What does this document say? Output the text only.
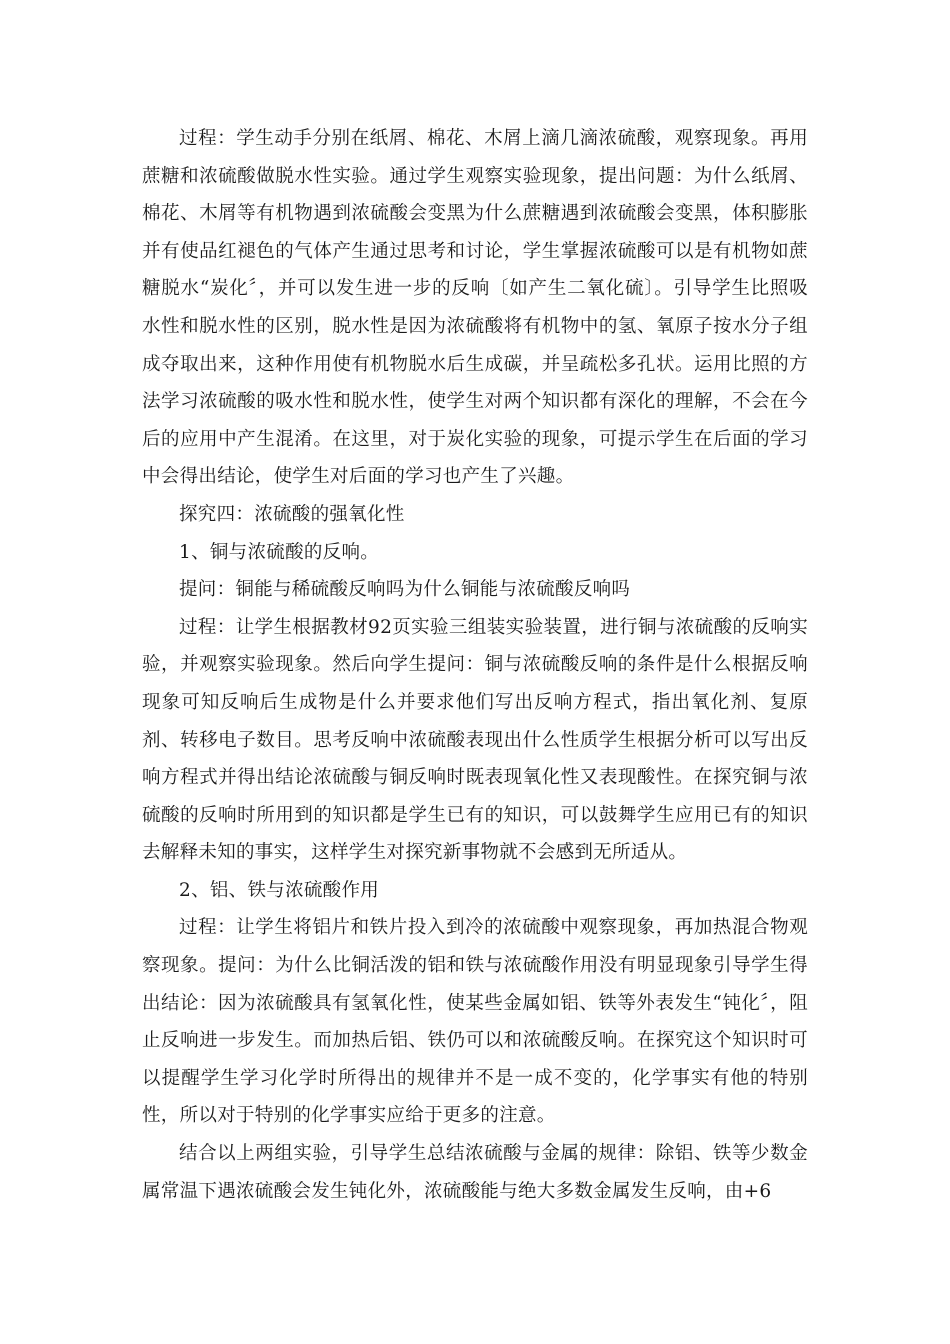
过程：学生动手分别在纸屑、棉花、木屑上滴几滴浓硫酸，观察现象。再用蔗糖和浓硫酸做脱水性实验。通过学生观察实验现象，提出问题：为什么纸屑、棉花、木屑等有机物遇到浓硫酸会变黑为什么蔗糖遇到浓硫酸会变黑，体积膨胀并有使品红褪色的气体产生通过思考和讨论，学生掌握浓硫酸可以是有机物如蔗糖脱水“炭化〞，并可以发生进一步的反响〔如产生二氧化硫〕。引导学生比照吸水性和脱水性的区别，脱水性是因为浓硫酸将有机物中的氢、氧原子按水分子组成夺取出来，这种作用使有机物脱水后生成碳，并呈疏松多孔状。运用比照的方法学习浓硫酸的吸水性和脱水性，使学生对两个知识都有深化的理解，不会在今后的应用中产生混淆。在这里，对于炭化实验的现象，可提示学生在后面的学习中会得出结论，使学生对后面的学习也产生了兴趣。

探究四：浓硫酸的强氧化性

1、铜与浓硫酸的反响。

提问：铜能与稀硫酸反响吗为什么铜能与浓硫酸反响吗

过程：让学生根据教材92页实验三组装实验装置，进行铜与浓硫酸的反响实验，并观察实验现象。然后向学生提问：铜与浓硫酸反响的条件是什么根据反响现象可知反响后生成物是什么并要求他们写出反响方程式，指出氧化剂、复原剂、转移电子数目。思考反响中浓硫酸表现出什么性质学生根据分析可以写出反响方程式并得出结论浓硫酸与铜反响时既表现氧化性又表现酸性。在探究铜与浓硫酸的反响时所用到的知识都是学生已有的知识，可以鼓舞学生应用已有的知识去解释未知的事实，这样学生对探究新事物就不会感到无所适从。

2、铝、铁与浓硫酸作用

过程：让学生将铝片和铁片投入到冷的浓硫酸中观察现象，再加热混合物观察现象。提问：为什么比铜活泼的铝和铁与浓硫酸作用没有明显现象引导学生得出结论：因为浓硫酸具有氢氧化性，使某些金属如铝、铁等外表发生“钝化〞，阻止反响进一步发生。而加热后铝、铁仍可以和浓硫酸反响。在探究这个知识时可以提醒学生学习化学时所得出的规律并不是一成不变的，化学事实有他的特别性，所以对于特别的化学事实应给于更多的注意。

结合以上两组实验，引导学生总结浓硫酸与金属的规律：除铝、铁等少数金属常温下遇浓硫酸会发生钝化外，浓硫酸能与绝大多数金属发生反响，由+6
